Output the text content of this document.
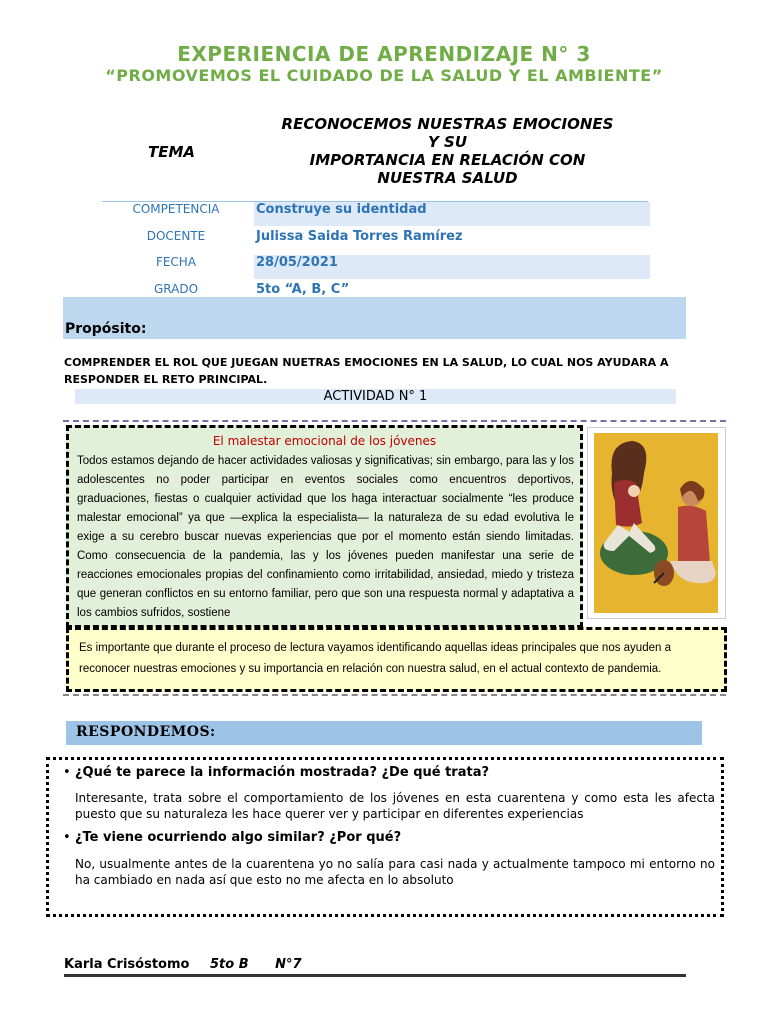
EXPERIENCIA DE APRENDIZAJE N° 3
“PROMOVEMOS EL CUIDADO DE LA SALUD Y EL AMBIENTE”
TEMA
RECONOCEMOS NUESTRAS EMOCIONES
Y SU
IMPORTANCIA EN RELACIÓN CON
NUESTRA SALUD
COMPETENCIA	Construye su identidad
DOCENTE	Julissa Saida Torres Ramírez
FECHA	28/05/2021
GRADO	5to “A, B, C”
Propósito:
COMPRENDER EL ROL QUE JUEGAN NUETRAS EMOCIONES EN LA SALUD, LO CUAL NOS AYUDARA A RESPONDER EL RETO PRINCIPAL.
ACTIVIDAD N° 1
El malestar emocional de los jóvenes
Todos estamos dejando de hacer actividades valiosas y significativas; sin embargo, para las y los adolescentes no poder participar en eventos sociales como encuentros deportivos, graduaciones, fiestas o cualquier actividad que los haga interactuar socialmente “les produce malestar emocional” ya que —explica la especialista— la naturaleza de su edad evolutiva le exige a su cerebro buscar nuevas experiencias que por el momento están siendo limitadas. Como consecuencia de la pandemia, las y los jóvenes pueden manifestar una serie de reacciones emocionales propias del confinamiento como irritabilidad, ansiedad, miedo y tristeza que generan conflictos en su entorno familiar, pero que son una respuesta normal y adaptativa a los cambios sufridos, sostiene
Es importante que durante el proceso de lectura vayamos identificando aquellas ideas principales que nos ayuden a reconocer nuestras emociones y su importancia en relación con nuestra salud, en el actual contexto de pandemia.
RESPONDEMOS:
• ¿Qué te parece la información mostrada? ¿De qué trata?
Interesante, trata sobre el comportamiento de los jóvenes en esta cuarentena y como esta les afecta puesto que su naturaleza les hace querer ver y participar en diferentes experiencias
• ¿Te viene ocurriendo algo similar? ¿Por qué?
No, usualmente antes de la cuarentena yo no salía para casi nada y actualmente tampoco mi entorno no ha cambiado en nada así que esto no me afecta en lo absoluto
Karla Crisóstomo 5to B N°7
